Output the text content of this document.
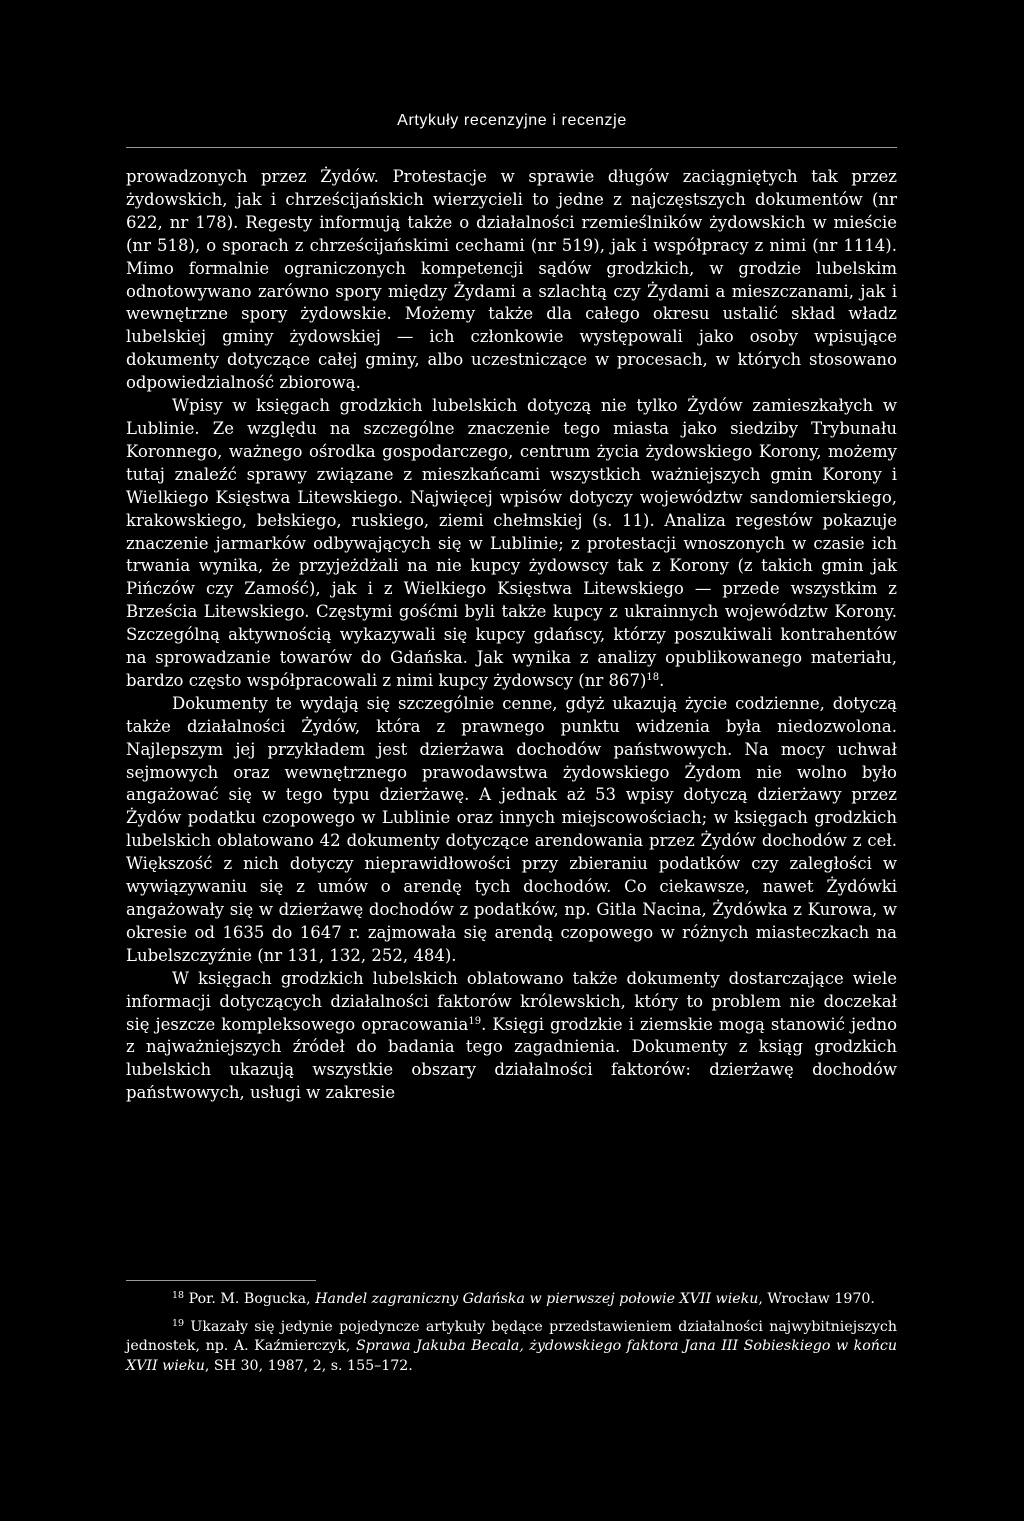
Artykuły recenzyjne i recenzje

prowadzonych przez Żydów. Protestacje w sprawie długów zaciągniętych tak przez żydowskich, jak i chrześcijańskich wierzycieli to jedne z najczęstszych dokumentów (nr 622, nr 178). Regesty informują także o działalności rzemieślników żydowskich w mieście (nr 518), o sporach z chrześcijańskimi cechami (nr 519), jak i współpracy z nimi (nr 1114). Mimo formalnie ograniczonych kompetencji sądów grodzkich, w grodzie lubelskim odnotowywano zarówno spory między Żydami a szlachtą czy Żydami a mieszczanami, jak i wewnętrzne spory żydowskie. Możemy także dla całego okresu ustalić skład władz lubelskiej gminy żydowskiej — ich członkowie występowali jako osoby wpisujące dokumenty dotyczące całej gminy, albo uczestniczące w procesach, w których stosowano odpowiedzialność zbiorową.

Wpisy w księgach grodzkich lubelskich dotyczą nie tylko Żydów zamieszkałych w Lublinie. Ze względu na szczególne znaczenie tego miasta jako siedziby Trybunału Koronnego, ważnego ośrodka gospodarczego, centrum życia żydowskiego Korony, możemy tutaj znaleźć sprawy związane z mieszkańcami wszystkich ważniejszych gmin Korony i Wielkiego Księstwa Litewskiego. Najwięcej wpisów dotyczy województw sandomierskiego, krakowskiego, bełskiego, ruskiego, ziemi chełmskiej (s. 11). Analiza regestów pokazuje znaczenie jarmarków odbywających się w Lublinie; z protestacji wnoszonych w czasie ich trwania wynika, że przyjeżdżali na nie kupcy żydowscy tak z Korony (z takich gmin jak Pińczów czy Zamość), jak i z Wielkiego Księstwa Litewskiego — przede wszystkim z Brześcia Litewskiego. Częstymi gośćmi byli także kupcy z ukrainnych województw Korony. Szczególną aktywnością wykazywali się kupcy gdańscy, którzy poszukiwali kontrahentów na sprowadzanie towarów do Gdańska. Jak wynika z analizy opublikowanego materiału, bardzo często współpracowali z nimi kupcy żydowscy (nr 867)$^{18}$.

Dokumenty te wydają się szczególnie cenne, gdyż ukazują życie codzienne, dotyczą także działalności Żydów, która z prawnego punktu widzenia była niedozwolona. Najlepszym jej przykładem jest dzierżawa dochodów państwowych. Na mocy uchwał sejmowych oraz wewnętrznego prawodawstwa żydowskiego Żydom nie wolno było angażować się w tego typu dzierżawę. A jednak aż 53 wpisy dotyczą dzierżawy przez Żydów podatku czopowego w Lublinie oraz innych miejscowościach; w księgach grodzkich lubelskich oblatowano 42 dokumenty dotyczące arendowania przez Żydów dochodów z ceł. Większość z nich dotyczy nieprawidłowości przy zbieraniu podatków czy zaległości w wywiązywaniu się z umów o arendę tych dochodów. Co ciekawsze, nawet Żydówki angażowały się w dzierżawę dochodów z podatków, np. Gitla Nacina, Żydówka z Kurowa, w okresie od 1635 do 1647 r. zajmowała się arendą czopowego w różnych miasteczkach na Lubelszczyźnie (nr 131, 132, 252, 484).

W księgach grodzkich lubelskich oblatowano także dokumenty dostarczające wiele informacji dotyczących działalności faktorów królewskich, który to problem nie doczekał się jeszcze kompleksowego opracowania$^{19}$. Księgi grodzkie i ziemskie mogą stanowić jedno z najważniejszych źródeł do badania tego zagadnienia. Dokumenty z ksiąg grodzkich lubelskich ukazują wszystkie obszary działalności faktorów: dzierżawę dochodów państwowych, usługi w zakresie

$^{18}$ Por. M. Bogucka, Handel zagraniczny Gdańska w pierwszej połowie XVII wieku, Wrocław 1970.

$^{19}$ Ukazały się jedynie pojedyncze artykuły będące przedstawieniem działalności najwybitniejszych jednostek, np. A. Kaźmierczyk, Sprawa Jakuba Becala, żydowskiego faktora Jana III Sobieskiego w końcu XVII wieku, SH 30, 1987, 2, s. 155–172.
